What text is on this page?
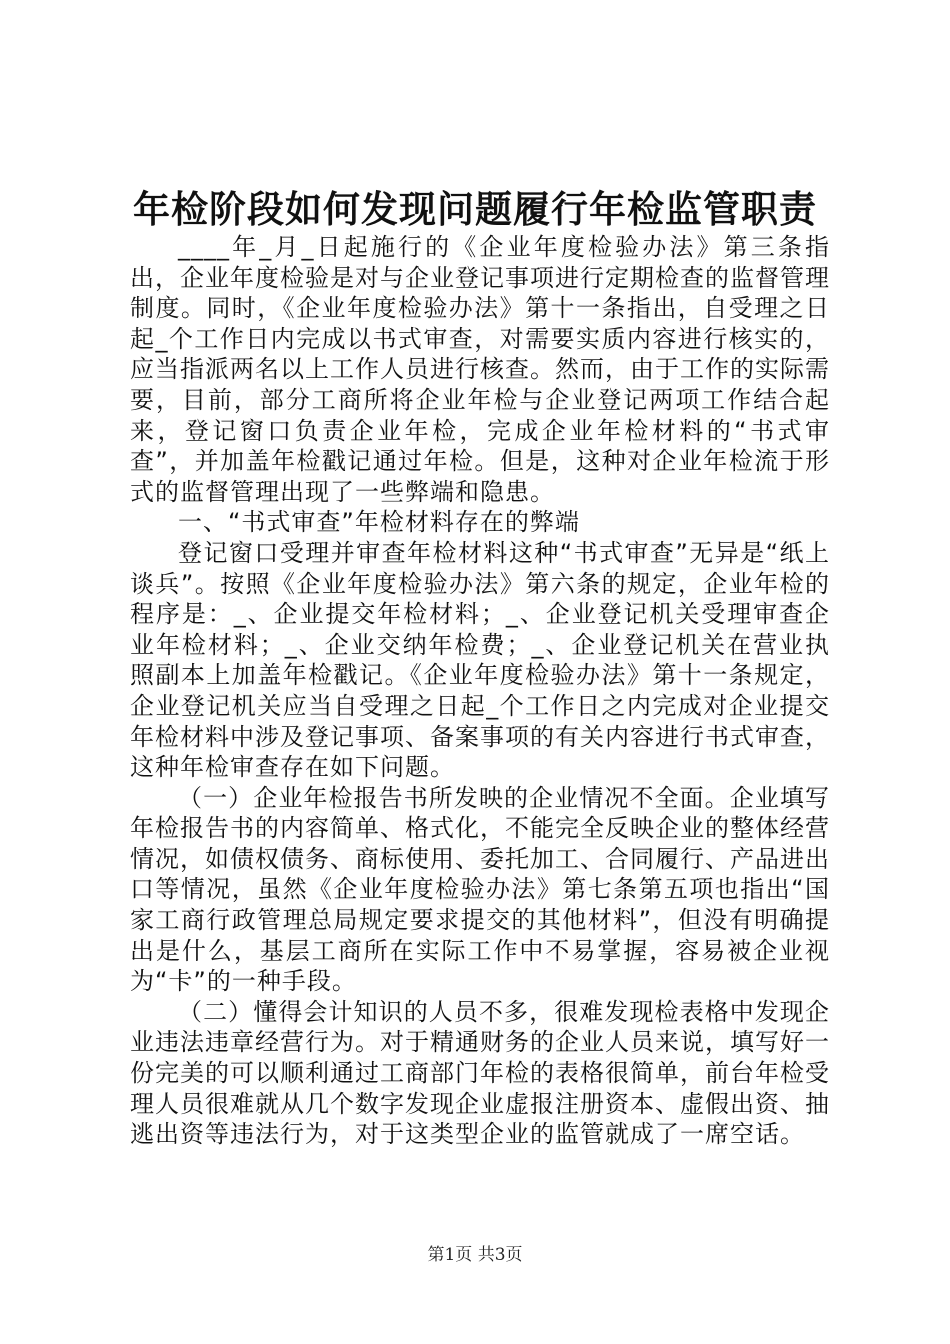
年检阶段如何发现问题履行年检监管职责

____年_月_日起施行的《企业年度检验办法》第三条指出，企业年度检验是对与企业登记事项进行定期检查的监督管理制度。同时，《企业年度检验办法》第十一条指出，自受理之日起_个工作日内完成以书式审查，对需要实质内容进行核实的，应当指派两名以上工作人员进行核查。然而，由于工作的实际需要，目前，部分工商所将企业年检与企业登记两项工作结合起来，登记窗口负责企业年检，完成企业年检材料的“书式审查”，并加盖年检戳记通过年检。但是，这种对企业年检流于形式的监督管理出现了一些弊端和隐患。

一、“书式审查”年检材料存在的弊端

登记窗口受理并审查年检材料这种“书式审查”无异是“纸上谈兵”。按照《企业年度检验办法》第六条的规定，企业年检的程序是：_、企业提交年检材料；_、企业登记机关受理审查企业年检材料；_、企业交纳年检费；_、企业登记机关在营业执照副本上加盖年检戳记。《企业年度检验办法》第十一条规定，企业登记机关应当自受理之日起_个工作日之内完成对企业提交年检材料中涉及登记事项、备案事项的有关内容进行书式审查，这种年检审查存在如下问题。

（一）企业年检报告书所发映的企业情况不全面。企业填写年检报告书的内容简单、格式化，不能完全反映企业的整体经营情况，如债权债务、商标使用、委托加工、合同履行、产品进出口等情况，虽然《企业年度检验办法》第七条第五项也指出“国家工商行政管理总局规定要求提交的其他材料”，但没有明确提出是什么，基层工商所在实际工作中不易掌握，容易被企业视为“卡”的一种手段。

（二）懂得会计知识的人员不多，很难发现检表格中发现企业违法违章经营行为。对于精通财务的企业人员来说，填写好一份完美的可以顺利通过工商部门年检的表格很简单，前台年检受理人员很难就从几个数字发现企业虚报注册资本、虚假出资、抽逃出资等违法行为，对于这类型企业的监管就成了一席空话。

第1页 共3页
